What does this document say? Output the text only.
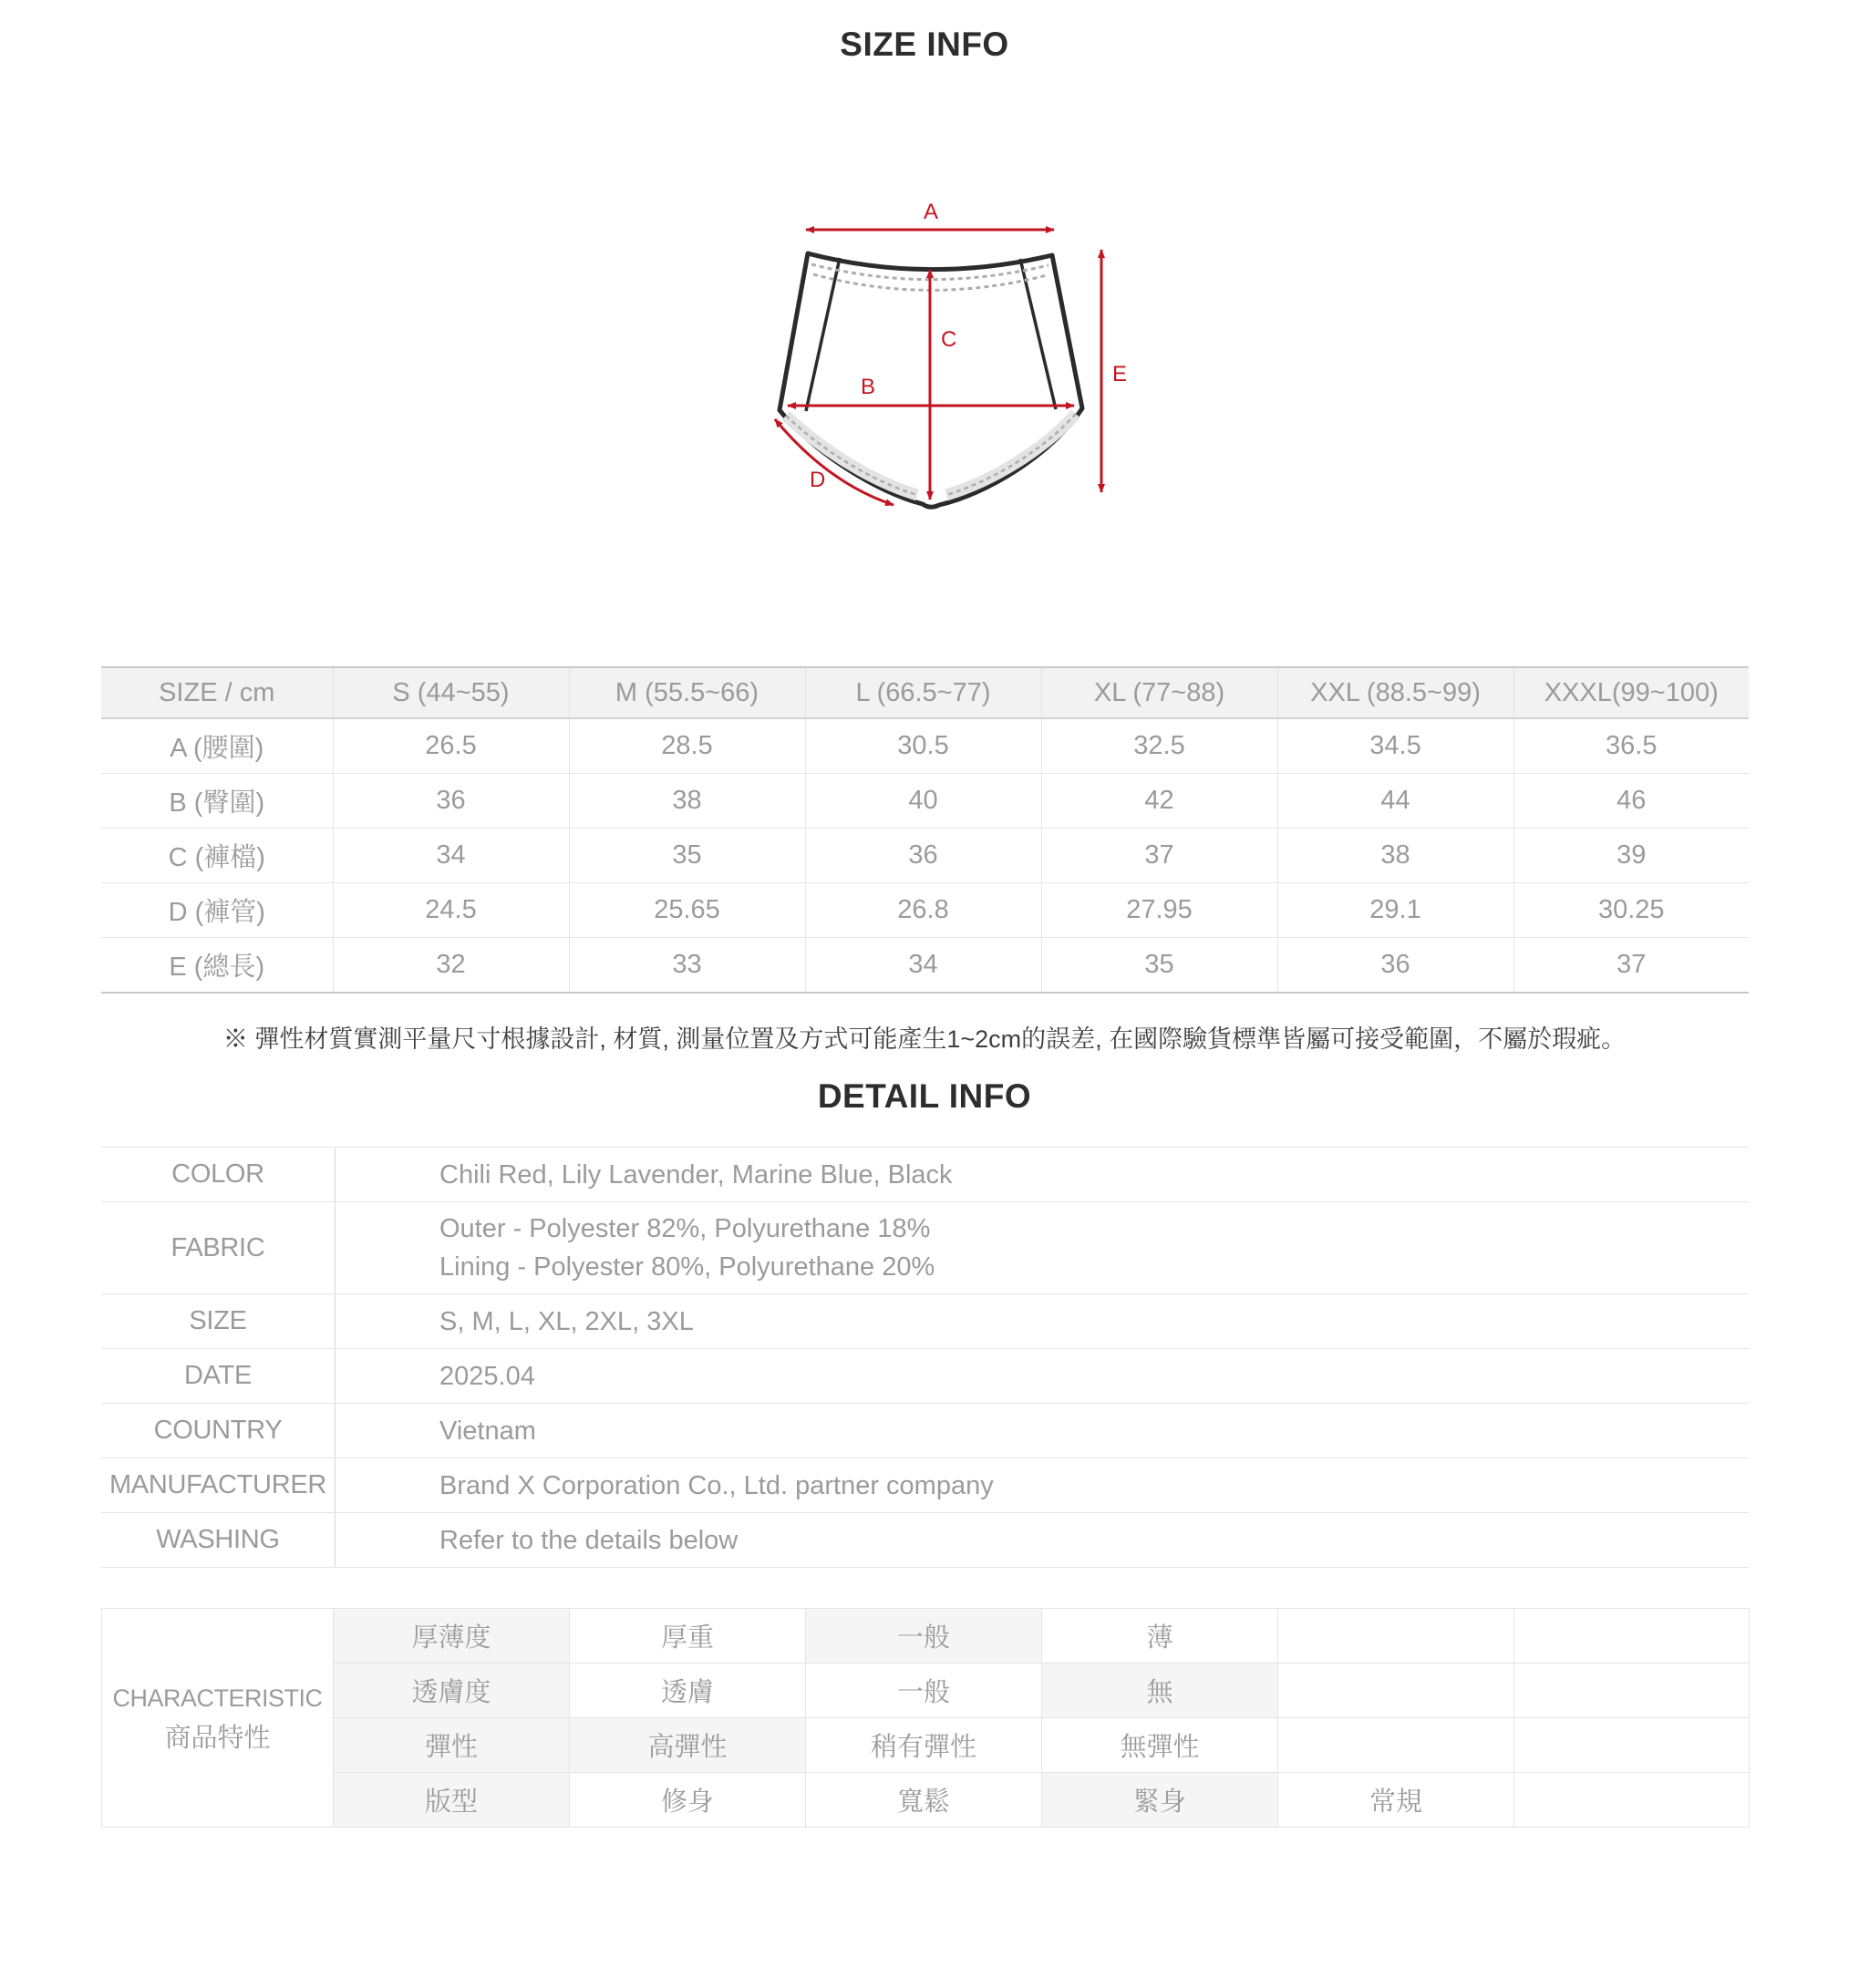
SIZE INFO
A
B
C
D
E
SIZE / cm	S (44~55)	M (55.5~66)	L (66.5~77)	XL (77~88)	XXL (88.5~99)	XXXL(99~100)
A (腰圍)	26.5	28.5	30.5	32.5	34.5	36.5
B (臀圍)	36	38	40	42	44	46
C (褲檔)	34	35	36	37	38	39
D (褲管)	24.5	25.65	26.8	27.95	29.1	30.25
E (總長)	32	33	34	35	36	37
※ 彈性材質實測平量尺寸根據設計, 材質, 測量位置及方式可能產生1~2cm的誤差, 在國際驗貨標準皆屬可接受範圍，不屬於瑕疵。
DETAIL INFO
COLOR	Chili Red, Lily Lavender, Marine Blue, Black

FABRIC	Outer - Polyester 82%, Polyurethane 18%
Lining - Polyester 80%, Polyurethane 20%

SIZE	S, M, L, XL, 2XL, 3XL

DATE	2025.04

COUNTRY	Vietnam

MANUFACTURER	Brand X Corporation Co., Ltd. partner company

WASHING	Refer to the details below
CHARACTERISTIC
商品特性	厚薄度	厚重	一般	薄		
	透膚度	透膚	一般	無		
	彈性	高彈性	稍有彈性	無彈性		
	版型	修身	寬鬆	緊身	常規	
